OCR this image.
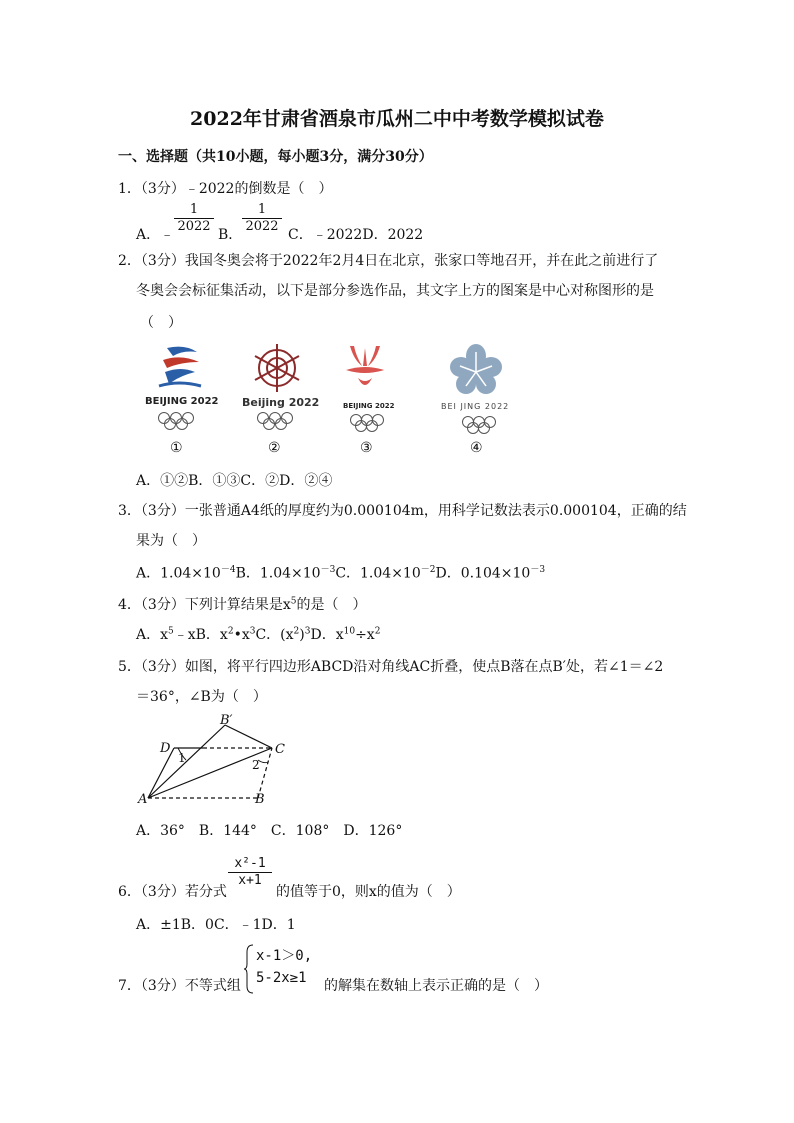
2022年甘肃省酒泉市瓜州二中中考数学模拟试卷
一、选择题（共10小题，每小题3分，满分30分）
1．（3分）﹣2022的倒数是（　）
A．﹣ $\frac{1}{2022}$ B． $\frac{1}{2022}$ C．﹣2022D．2022
2．（3分）我国冬奥会将于2022年2月4日在北京，张家口等地召开，并在此之前进行了
冬奥会会标征集活动，以下是部分参选作品，其文字上方的图案是中心对称图形的是
（　）
BEIJING 2022
①
Beijing 2022
②
BEIJING 2022
③
BEI JING 2022
④
A．①②B．①③C．②D．②④
3．（3分）一张普通A4纸的厚度约为0.000104m，用科学记数法表示0.000104，正确的结
果为（　）
A．$1.04\times 10^{-4}B$．$1.04\times 10^{-3}C$．$1.04\times 10^{-2}D$．$0.104\times 10^{-3}$
4．（3分）下列计算结果是$x^5$的是（　）
A．$x^5﹣xB$．$x^2•x^3C$．$(x^2)^3D$．$x^{10}\div x^2$
5．（3分）如图，将平行四边形ABCD沿对角线AC折叠，使点B落在点B′处，若∠1＝∠2
＝36°，∠B为（　）
B′
D	C
1	2
A	B
A．36°　B．144°　C．108°　D．126°
$\frac{\text{x²-1}}{x+1}$
6．（3分）若分式	的值等于0，则x的值为（　）
A．±1B．0C．﹣1D．1
x-1＞0,
5-2x≥1
7．（3分）不等式组	的解集在数轴上表示正确的是（　）
